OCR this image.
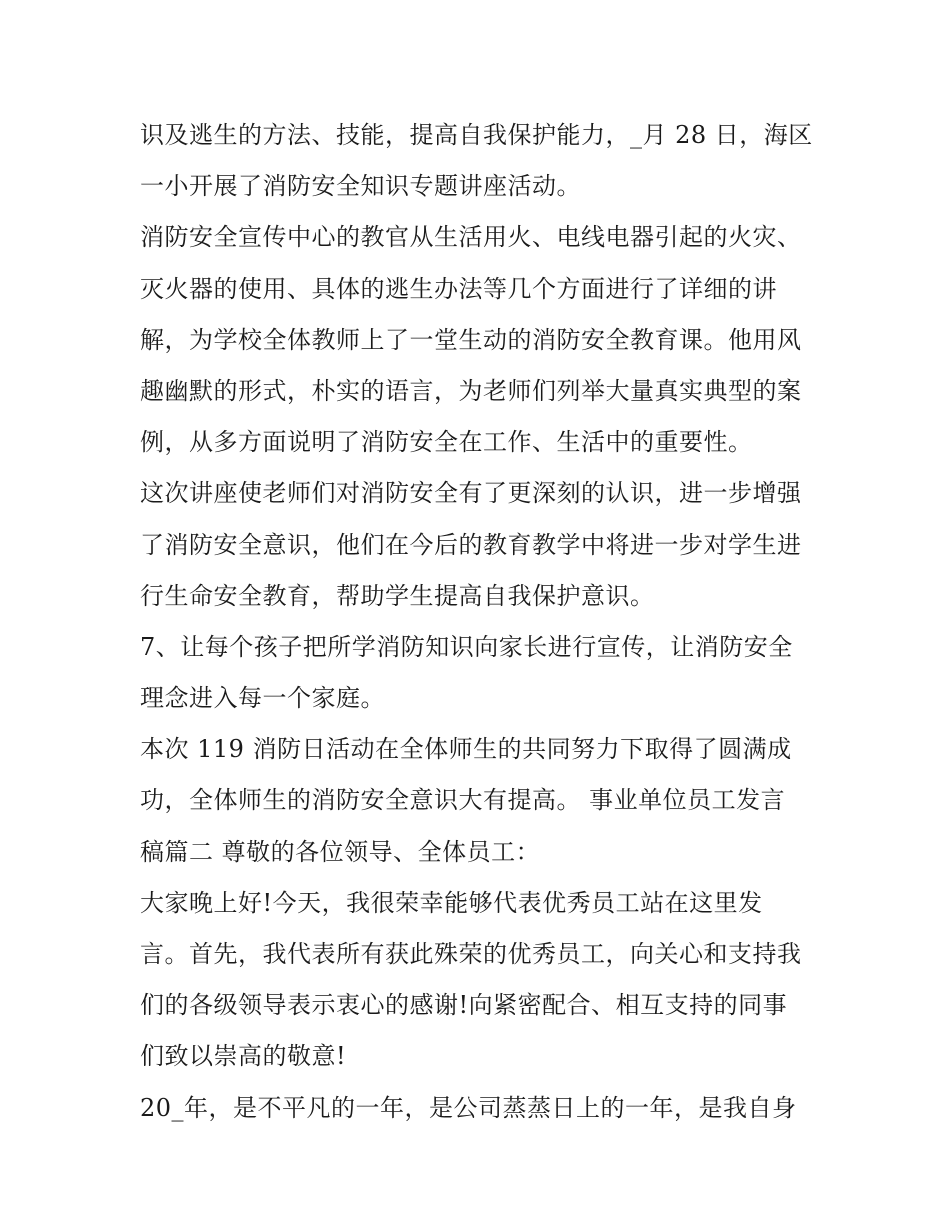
识及逃生的方法、技能，提高自我保护能力，_月 28 日，海区
一小开展了消防安全知识专题讲座活动。
消防安全宣传中心的教官从生活用火、电线电器引起的火灾、
灭火器的使用、具体的逃生办法等几个方面进行了详细的讲
解，为学校全体教师上了一堂生动的消防安全教育课。他用风
趣幽默的形式，朴实的语言，为老师们列举大量真实典型的案
例，从多方面说明了消防安全在工作、生活中的重要性。
这次讲座使老师们对消防安全有了更深刻的认识，进一步增强
了消防安全意识，他们在今后的教育教学中将进一步对学生进
行生命安全教育，帮助学生提高自我保护意识。
7、让每个孩子把所学消防知识向家长进行宣传，让消防安全
理念进入每一个家庭。
本次 119 消防日活动在全体师生的共同努力下取得了圆满成
功，全体师生的消防安全意识大有提高。 事业单位员工发言
稿篇二 尊敬的各位领导、全体员工：
大家晚上好!今天，我很荣幸能够代表优秀员工站在这里发
言。首先，我代表所有获此殊荣的优秀员工，向关心和支持我
们的各级领导表示衷心的感谢!向紧密配合、相互支持的同事
们致以崇高的敬意!
20_年，是不平凡的一年，是公司蒸蒸日上的一年，是我自身
